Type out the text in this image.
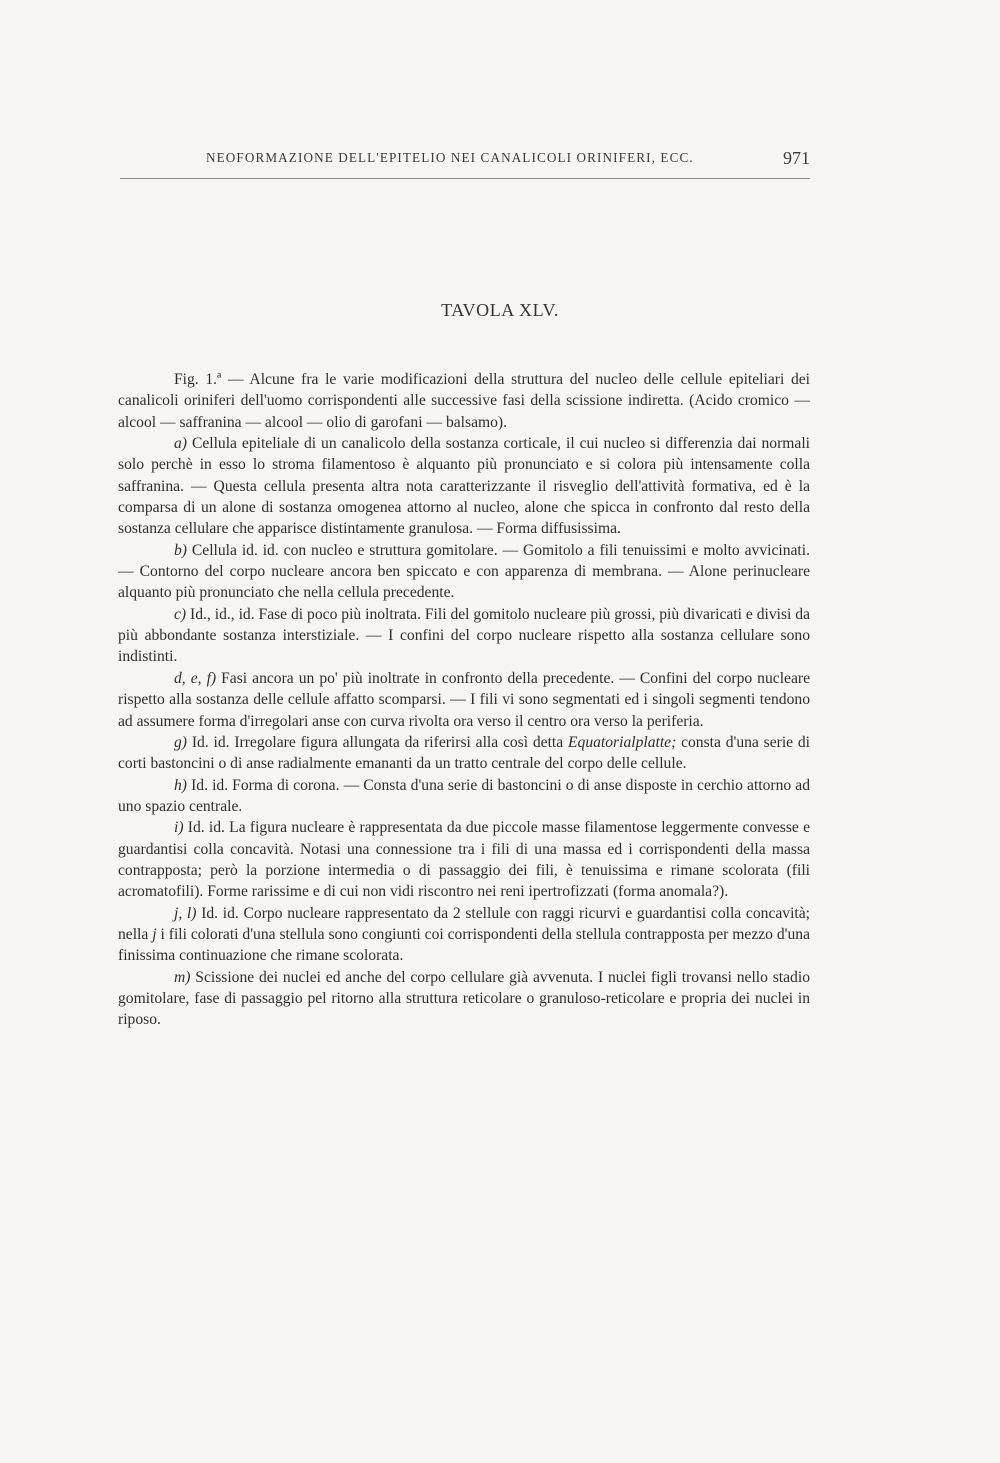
NEOFORMAZIONE DELL'EPITELIO NEI CANALICOLI ORINIFERI, ECC.	971
TAVOLA XLV.

Fig. 1.ª — Alcune fra le varie modificazioni della struttura del nucleo delle cellule epiteliari dei canalicoli oriniferi dell'uomo corrispondenti alle successive fasi della scissione indiretta. (Acido cromico — alcool — saffranina — alcool — olio di garofani — balsamo).

a) Cellula epiteliale di un canalicolo della sostanza corticale, il cui nucleo si differenzia dai normali solo perchè in esso lo stroma filamentoso è alquanto più pronunciato e si colora più intensamente colla saffranina. — Questa cellula presenta altra nota caratterizzante il risveglio dell'attività formativa, ed è la comparsa di un alone di sostanza omogenea attorno al nucleo, alone che spicca in confronto dal resto della sostanza cellulare che apparisce distintamente granulosa. — Forma diffusissima.

b) Cellula id. id. con nucleo e struttura gomitolare. — Gomitolo a fili tenuissimi e molto avvicinati. — Contorno del corpo nucleare ancora ben spiccato e con apparenza di membrana. — Alone perinucleare alquanto più pronunciato che nella cellula precedente.

c) Id., id., id. Fase di poco più inoltrata. Fili del gomitolo nucleare più grossi, più divaricati e divisi da più abbondante sostanza interstiziale. — I confini del corpo nucleare rispetto alla sostanza cellulare sono indistinti.

d, e, f) Fasi ancora un po' più inoltrate in confronto della precedente. — Confini del corpo nucleare rispetto alla sostanza delle cellule affatto scomparsi. — I fili vi sono segmentati ed i singoli segmenti tendono ad assumere forma d'irregolari anse con curva rivolta ora verso il centro ora verso la periferia.

g) Id. id. Irregolare figura allungata da riferirsi alla così detta Equatorialplatte; consta d'una serie di corti bastoncini o di anse radialmente emananti da un tratto centrale del corpo delle cellule.

h) Id. id. Forma di corona. — Consta d'una serie di bastoncini o di anse disposte in cerchio attorno ad uno spazio centrale.

i) Id. id. La figura nucleare è rappresentata da due piccole masse filamentose leggermente convesse e guardantisi colla concavità. Notasi una connessione tra i fili di una massa ed i corrispondenti della massa contrapposta; però la porzione intermedia o di passaggio dei fili, è tenuissima e rimane scolorata (fili acromatofili). Forme rarissime e di cui non vidi riscontro nei reni ipertrofizzati (forma anomala?).

j, l) Id. id. Corpo nucleare rappresentato da 2 stellule con raggi ricurvi e guardantisi colla concavità; nella j i fili colorati d'una stellula sono congiunti coi corrispondenti della stellula contrapposta per mezzo d'una finissima continuazione che rimane scolorata.

m) Scissione dei nuclei ed anche del corpo cellulare già avvenuta. I nuclei figli trovansi nello stadio gomitolare, fase di passaggio pel ritorno alla struttura reticolare o granuloso-reticolare e propria dei nuclei in riposo.
